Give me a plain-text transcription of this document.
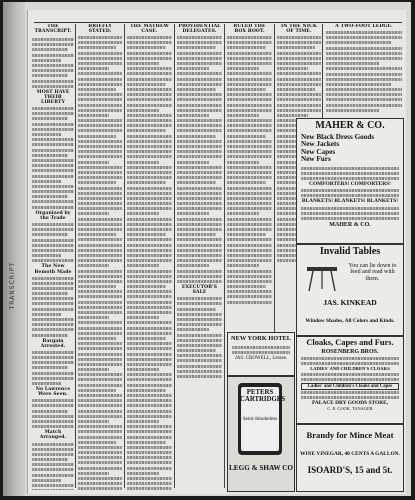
TRANSCRIPT
THE TRANSCRIPT.
MOST HAVE THEIR LIBERTY
Organized by the Trade
The New Bemoth Made
Bargain Arrested.
No Lawrence Were Seen.
Match Arranged.
BRIEFLY STATED.
THE MATHEW CASE.
PROVIDENTIAL DELEGATES.
EXECUTOR'S SALE
RULED THE BOX BOOT.
IN THE NICK OF TIME.
A TWO-FOOT LEDGE.
MAHER & CO.
New Black Dress Goods
New Jackets
New Capes
New Furs
COMFORTERS! COMFORTERS!
BLANKETS! BLANKETS! BLANKETS!
MAHER & CO.
Invalid Tables
You can lie down to feed and read with them.
JAS. KINKEAD
Window Shades, All Colors and Kinds.
Cloaks, Capes and Furs.
ROSENBERG BROS.
LADIES' AND CHILDREN'S CLOAKS
Ladies' and Children's Cloaks and Capes
PALACE DRY GOODS STORE,
C. E. COOK, TANAGER
Brandy for Mince Meat
WINE VINEGAR, 40 CENTS A GALLON.
ISOARD'S, 15 and 5t.
NEW YORK HOTEL
JAS. CROWELL, Lessee.
PETERS CARTRIDGES
Semi-Smokeless
LEGG & SHAW CO
